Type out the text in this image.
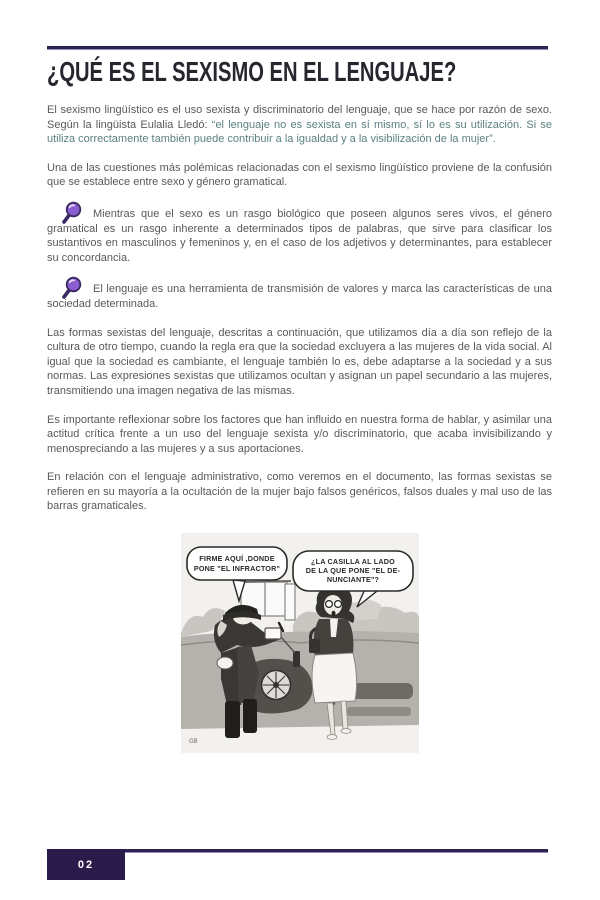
¿QUÉ ES EL SEXISMO EN EL LENGUAJE?

El sexismo lingüístico es el uso sexista y discriminatorio del lenguaje, que se hace por razón de sexo. Según la lingüista Eulalia Lledó: “el lenguaje no es sexista en sí mismo, sí lo es su utilización. Si se utiliza correctamente también puede contribuir a la igualdad y a la visibilización de la mujer”.

Una de las cuestiones más polémicas relacionadas con el sexismo lingüístico proviene de la confusión que se establece entre sexo y género gramatical.

Mientras que el sexo es un rasgo biológico que poseen algunos seres vivos, el género gramatical es un rasgo inherente a determinados tipos de palabras, que sirve para clasificar los sustantivos en masculinos y femeninos y, en el caso de los adjetivos y determinantes, para establecer su concordancia.

El lenguaje es una herramienta de transmisión de valores y marca las características de una sociedad determinada.

Las formas sexistas del lenguaje, descritas a continuación, que utilizamos día a día son reflejo de la cultura de otro tiempo, cuando la regla era que la sociedad excluyera a las mujeres de la vida social. Al igual que la sociedad es cambiante, el lenguaje también lo es, debe adaptarse a la sociedad y a sus normas. Las expresiones sexistas que utilizamos ocultan y asignan un papel secundario a las mujeres, transmitiendo una imagen negativa de las mismas.

Es importante reflexionar sobre los factores que han influido en nuestra forma de hablar, y asimilar una actitud crítica frente a un uso del lenguaje sexista y/o discriminatorio, que acaba invisibilizando y menospreciando a las mujeres y a sus aportaciones.

En relación con el lenguaje administrativo, como veremos en el documento, las formas sexistas se refieren en su mayoría a la ocultación de la mujer bajo falsos genéricos, falsos duales y mal uso de las barras gramaticales.

FIRME AQUÍ ,DONDE
PONE "EL INFRACTOR"
¿LA CASILLA AL LADO
DE LA QUE PONE "EL DE-
NUNCIANTE"?
GB
02
